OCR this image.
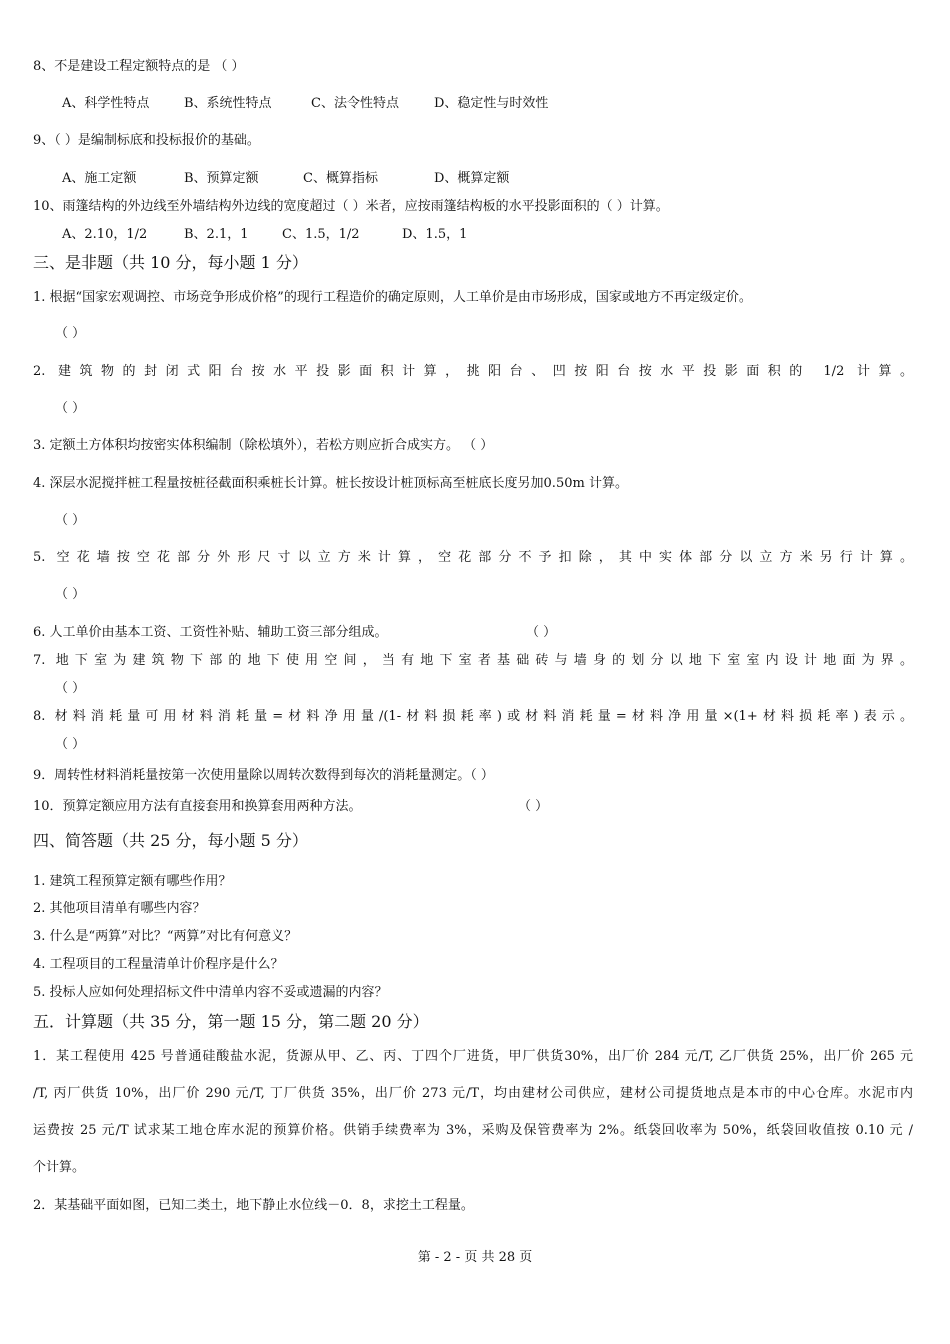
8、不是建设工程定额特点的是 （ ）
A、科学性特点	B、系统性特点	C、法令性特点	D、稳定性与时效性
9、（ ）是编制标底和投标报价的基础。
A、施工定额	B、预算定额	C、概算指标	D、概算定额
10、雨篷结构的外边线至外墙结构外边线的宽度超过（ ）米者，应按雨篷结构板的水平投影面积的（ ）计算。
A、2.10，1/2	B、2.1，1	C、1.5，1/2	D、1.5，1
三、是非题（共 10 分，每小题 1 分）
1. 根据“国家宏观调控、市场竞争形成价格”的现行工程造价的确定原则，人工单价是由市场形成，国家或地方不再定级定价。
（ ）
2. 建筑物的封闭式阳台按水平投影面积计算，挑阳台、凹按阳台按水平投影面积的 1/2 计算。
（ ）
3. 定额土方体积均按密实体积编制（除松填外），若松方则应折合成实方。 （ ）
4. 深层水泥搅拌桩工程量按桩径截面积乘桩长计算。桩长按设计桩顶标高至桩底长度另加0.50m 计算。
（ ）
5. 空花墙按空花部分外形尺寸以立方米计算，空花部分不予扣除，其中实体部分以立方米另行计算。
（ ）
6. 人工单价由基本工资、工资性补贴、辅助工资三部分组成。	（ ）
7. 地下室为建筑物下部的地下使用空间，当有地下室者基础砖与墙身的划分以地下室室内设计地面为界。
（ ）
8. 材料消耗量可用材料消耗量=材料净用量/(1-材料损耗率)或材料消耗量=材料净用量×(1+材料损耗率)表示。
（ ）
9．周转性材料消耗量按第一次使用量除以周转次数得到每次的消耗量测定。（ ）
10．预算定额应用方法有直接套用和换算套用两种方法。	（ ）
四、简答题（共 25 分，每小题 5 分）
1. 建筑工程预算定额有哪些作用？
2. 其他项目清单有哪些内容？
3. 什么是“两算”对比？“两算”对比有何意义？
4. 工程项目的工程量清单计价程序是什么？
5. 投标人应如何处理招标文件中清单内容不妥或遗漏的内容？
五．计算题（共 35 分，第一题 15 分，第二题 20 分）
1．某工程使用 425 号普通硅酸盐水泥，货源从甲、乙、丙、丁四个厂进货，甲厂供货30%，出厂价 284 元/T, 乙厂供货 25%，出厂价 265 元
/T, 丙厂供货 10%，出厂价 290 元/T, 丁厂供货 35%，出厂价 273 元/T，均由建材公司供应，建材公司提货地点是本市的中心仓库。水泥市内
运费按 25 元/T 试求某工地仓库水泥的预算价格。供销手续费率为 3%，采购及保管费率为 2%。纸袋回收率为 50%，纸袋回收值按 0.10 元 /
个计算。
2．某基础平面如图，已知二类土，地下静止水位线－0．8，求挖土工程量。
第 - 2 - 页 共 28 页
